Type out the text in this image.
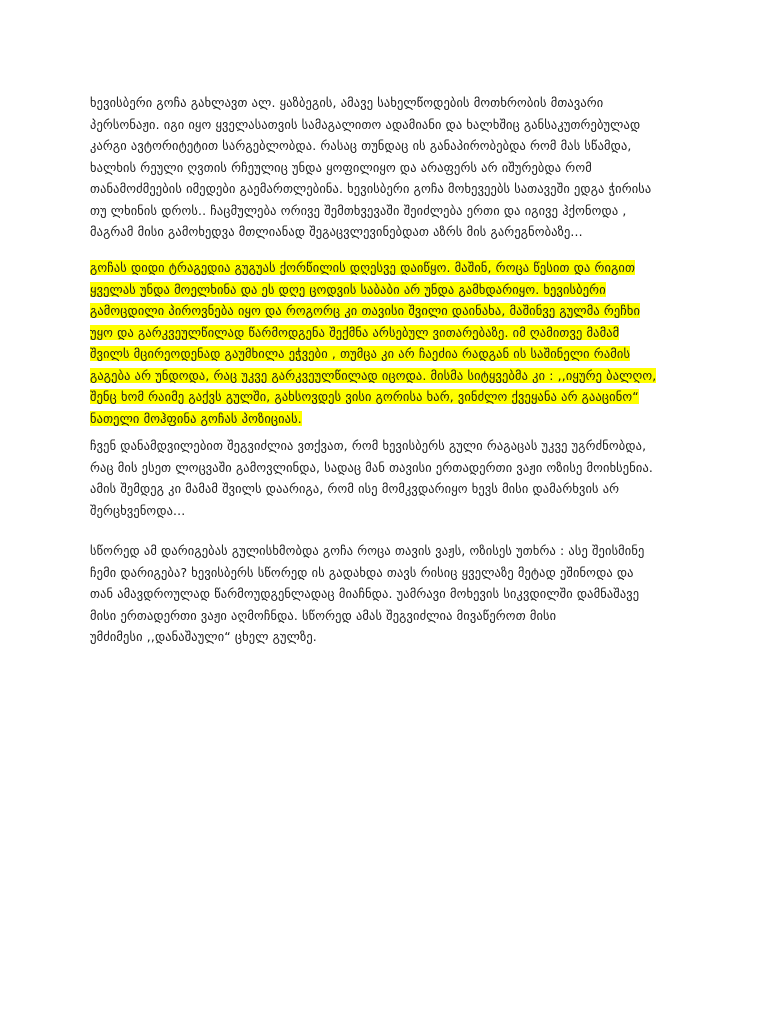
ხევისბერი გოჩა გახლავთ ალ. ყაზბეგის, ამავე სახელწოდების მოთხრობის მთავარი
პერსონაჟი. იგი იყო ყველასათვის სამაგალითო ადამიანი და ხალხშიც განსაკუთრებულად
კარგი ავტორიტეტით სარგებლობდა. რასაც თუნდაც ის განაპირობებდა რომ მას სწამდა,
ხალხის რეული ღვთის რჩეულიც უნდა ყოფილიყო და არაფერს არ იშურებდა რომ
თანამოძმეების იმედები გაემართლებინა. ხევისბერი გოჩა მოხევეებს სათავეში ედგა ჭირისა
თუ ლხინის დროს.. ჩაცმულება ორივე შემთხვევაში შეიძლება ერთი და იგივე ჰქონოდა ,
მაგრამ მისი გამოხედვა მთლიანად შეგაცვლევინებდათ აზრს მის გარეგნობაზე...
გოჩას დიდი ტრაგედია გუგუას ქორწილის დღესვე დაიწყო. მაშინ, როცა წესით და რიგით
ყველას უნდა მოელხინა და ეს დღე ცოდვის საბაბი არ უნდა გამხდარიყო. ხევისბერი
გამოცდილი პიროვნება იყო და როგორც კი თავისი შვილი დაინახა, მაშინვე გულმა რეჩხი
უყო და გარკვეულწილად წარმოდგენა შექმნა არსებულ ვითარებაზე. იმ ღამითვე მამამ
შვილს მცირეოდენად გაუმხილა ეჭვები , თუმცა კი არ ჩაეძია რადგან ის საშინელი რამის
გაგება არ უნდოდა, რაც უკვე გარკვეულწილად იცოდა. მისმა სიტყვებმა კი : ,,იყურე ბალღო,
შენც ხომ რაიმე გაქვს გულში, გახსოვდეს ვისი გორისა ხარ, ვინძლო ქვეყანა არ გააცინო“
ნათელი მოჰფინა გოჩას პოზიციას.
ჩვენ დანამდვილებით შეგვიძლია ვთქვათ, რომ ხევისბერს გული რაგაცას უკვე უგრძნობდა,
რაც მის ესეთ ლოცვაში გამოვლინდა, სადაც მან თავისი ერთადერთი ვაჟი ოზისე მოიხსენია.
ამის შემდეგ კი მამამ შვილს დაარიგა, რომ ისე მომკვდარიყო ხევს მისი დამარხვის არ
შერცხვენოდა...
სწორედ ამ დარიგებას გულისხმობდა გოჩა როცა თავის ვაჟს, ოზისეს უთხრა : ასე შეისმინე
ჩემი დარიგება? ხევისბერს სწორედ ის გადახდა თავს რისიც ყველაზე მეტად ეშინოდა და
თან ამავდროულად წარმოუდგენლადაც მიაჩნდა. უამრავი მოხევის სიკვდილში დამნაშავე
მისი ერთადერთი ვაჟი აღმოჩნდა. სწორედ ამას შეგვიძლია მივაწეროთ მისი
უმძიმესი ,,დანაშაული“ ცხელ გულზე.
